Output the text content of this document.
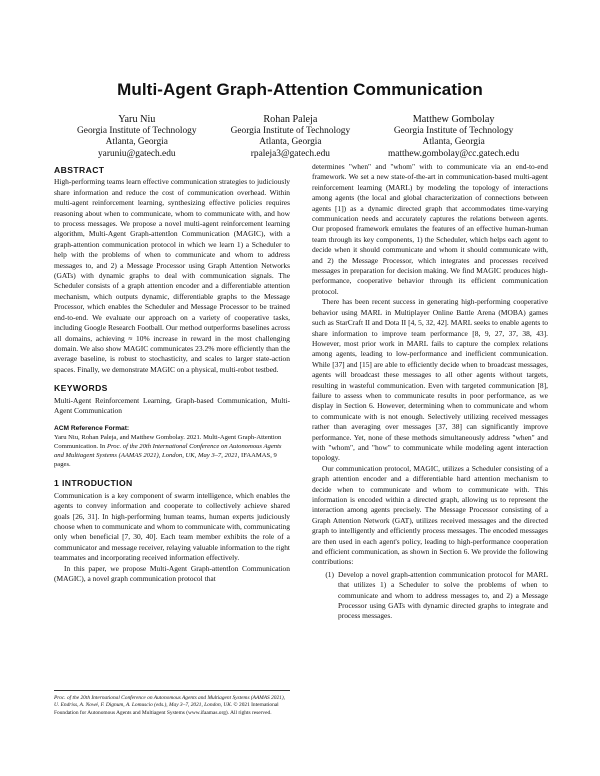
Multi-Agent Graph-Attention Communication
Yaru Niu
Georgia Institute of Technology
Atlanta, Georgia
yaruniu@gatech.edu
Rohan Paleja
Georgia Institute of Technology
Atlanta, Georgia
rpaleja3@gatech.edu
Matthew Gombolay
Georgia Institute of Technology
Atlanta, Georgia
matthew.gombolay@cc.gatech.edu
ABSTRACT

High-performing teams learn effective communication strategies to judiciously share information and reduce the cost of communication overhead. Within multi-agent reinforcement learning, synthesizing effective policies requires reasoning about when to communicate, whom to communicate with, and how to process messages. We propose a novel multi-agent reinforcement learning algorithm, Multi-Agent Graph-attentIon Communication (MAGIC), with a graph-attention communication protocol in which we learn 1) a Scheduler to help with the problems of when to communicate and whom to address messages to, and 2) a Message Processor using Graph Attention Networks (GATs) with dynamic graphs to deal with communication signals. The Scheduler consists of a graph attention encoder and a differentiable attention mechanism, which outputs dynamic, differentiable graphs to the Message Processor, which enables the Scheduler and Message Processor to be trained end-to-end. We evaluate our approach on a variety of cooperative tasks, including Google Research Football. Our method outperforms baselines across all domains, achieving ≈ 10% increase in reward in the most challenging domain. We also show MAGIC communicates 23.2% more efficiently than the average baseline, is robust to stochasticity, and scales to larger state-action spaces. Finally, we demonstrate MAGIC on a physical, multi-robot testbed.

KEYWORDS

Multi-Agent Reinforcement Learning, Graph-based Communication, Multi-Agent Communication

ACM Reference Format:

Yaru Niu, Rohan Paleja, and Matthew Gombolay. 2021. Multi-Agent Graph-Attention Communication. In Proc. of the 20th International Conference on Autonomous Agents and Multiagent Systems (AAMAS 2021), London, UK, May 3–7, 2021, IFAAMAS, 9 pages.

1 INTRODUCTION

Communication is a key component of swarm intelligence, which enables the agents to convey information and cooperate to collectively achieve shared goals [26, 31]. In high-performing human teams, human experts judiciously choose when to communicate and whom to communicate with, communicating only when beneficial [7, 30, 40]. Each team member exhibits the role of a communicator and message receiver, relaying valuable information to the right teammates and incorporating received information effectively.

In this paper, we propose Multi-Agent Graph-attentIon Communication (MAGIC), a novel graph communication protocol that

Proc. of the 20th International Conference on Autonomous Agents and Multiagent Systems (AAMAS 2021), U. Endriss, A. Nowé, F. Dignum, A. Lomuscio (eds.), May 3–7, 2021, London, UK. © 2021 International Foundation for Autonomous Agents and Multiagent Systems (www.ifaamas.org). All rights reserved.

determines "when" and "whom" with to communicate via an end-to-end framework. We set a new state-of-the-art in communication-based multi-agent reinforcement learning (MARL) by modeling the topology of interactions among agents (the local and global characterization of connections between agents [1]) as a dynamic directed graph that accommodates time-varying communication needs and accurately captures the relations between agents. Our proposed framework emulates the features of an effective human-human team through its key components, 1) the Scheduler, which helps each agent to decide when it should communicate and whom it should communicate with, and 2) the Message Processor, which integrates and processes received messages in preparation for decision making. We find MAGIC produces high-performance, cooperative behavior through its efficient communication protocol.

There has been recent success in generating high-performing cooperative behavior using MARL in Multiplayer Online Battle Arena (MOBA) games such as StarCraft II and Dota II [4, 5, 32, 42]. MARL seeks to enable agents to share information to improve team performance [8, 9, 27, 37, 38, 43]. However, most prior work in MARL fails to capture the complex relations among agents, leading to low-performance and inefficient communication. While [37] and [15] are able to efficiently decide when to broadcast messages, agents will broadcast these messages to all other agents without targets, resulting in wasteful communication. Even with targeted communication [8], failure to assess when to communicate results in poor performance, as we display in Section 6. However, determining when to communicate and whom to communicate with is not enough. Selectively utilizing received messages rather than averaging over messages [37, 38] can significantly improve performance. Yet, none of these methods simultaneously address "when" and with "whom", and "how" to communicate while modeling agent interaction topology.

Our communication protocol, MAGIC, utilizes a Scheduler consisting of a graph attention encoder and a differentiable hard attention mechanism to decide when to communicate and whom to communicate with. This information is encoded within a directed graph, allowing us to represent the interaction among agents precisely. The Message Processor consisting of a Graph Attention Network (GAT), utilizes received messages and the directed graph to intelligently and efficiently process messages. The encoded messages are then used in each agent's policy, leading to high-performance cooperation and efficient communication, as shown in Section 6. We provide the following contributions:

(1) Develop a novel graph-attention communication protocol for MARL that utilizes 1) a Scheduler to solve the problems of when to communicate and whom to address messages to, and 2) a Message Processor using GATs with dynamic directed graphs to integrate and process messages.
